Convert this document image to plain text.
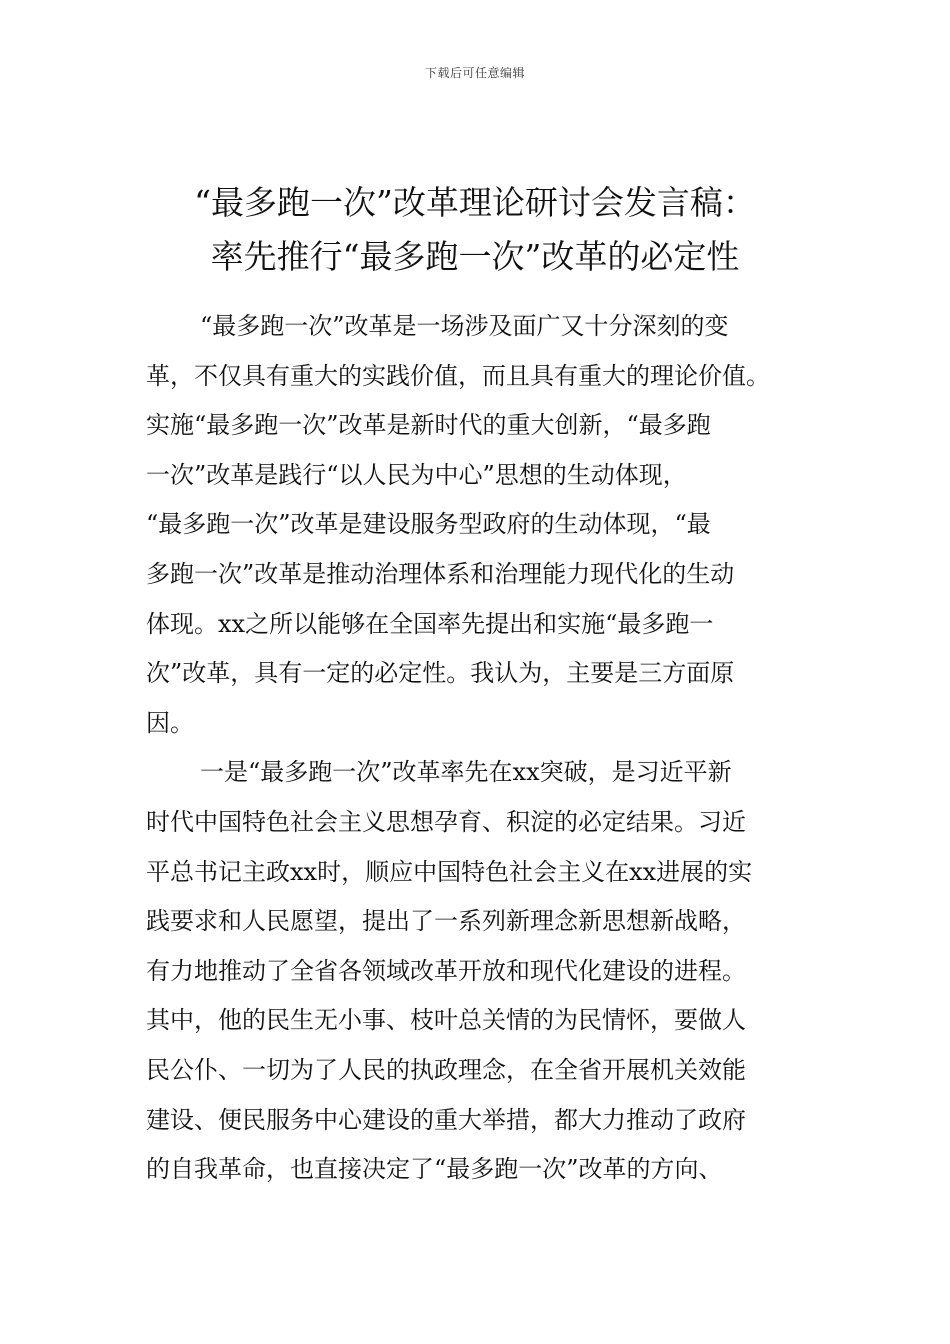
下载后可任意编辑
“最多跑一次”改革理论研讨会发言稿：
率先推行“最多跑一次”改革的必定性
“最多跑一次”改革是一场涉及面广又十分深刻的变
革，不仅具有重大的实践价值，而且具有重大的理论价值。
实施“最多跑一次”改革是新时代的重大创新，“最多跑
一次”改革是践行“以人民为中心”思想的生动体现，
“最多跑一次”改革是建设服务型政府的生动体现，“最
多跑一次”改革是推动治理体系和治理能力现代化的生动
体现。xx之所以能够在全国率先提出和实施“最多跑一
次”改革，具有一定的必定性。我认为，主要是三方面原
因。
一是“最多跑一次”改革率先在xx突破，是习近平新
时代中国特色社会主义思想孕育、积淀的必定结果。习近
平总书记主政xx时，顺应中国特色社会主义在xx进展的实
践要求和人民愿望，提出了一系列新理念新思想新战略，
有力地推动了全省各领域改革开放和现代化建设的进程。
其中，他的民生无小事、枝叶总关情的为民情怀，要做人
民公仆、一切为了人民的执政理念，在全省开展机关效能
建设、便民服务中心建设的重大举措，都大力推动了政府
的自我革命，也直接决定了“最多跑一次”改革的方向、
